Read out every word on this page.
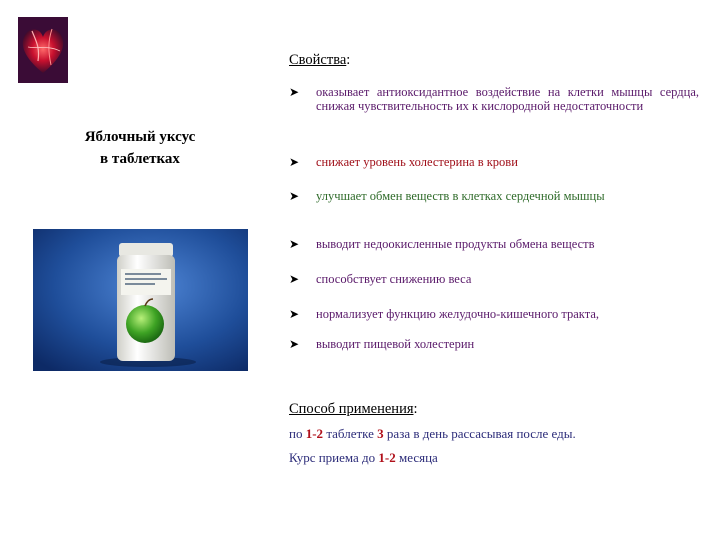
Яблочный уксус
в таблетках
Свойства:
➤	оказывает антиоксидантное воздействие на клетки мышцы сердца, снижая чувствительность их к кислородной недостаточности
➤	снижает уровень холестерина в крови
➤	улучшает обмен веществ в клетках сердечной мышцы
➤	выводит недоокисленные продукты обмена веществ
➤	способствует снижению веса
➤	нормализует функцию желудочно-кишечного тракта,
➤	выводит пищевой холестерин
Способ применения:
по 1-2 таблетке 3 раза в день рассасывая после еды.
Курс приема до 1-2 месяца
